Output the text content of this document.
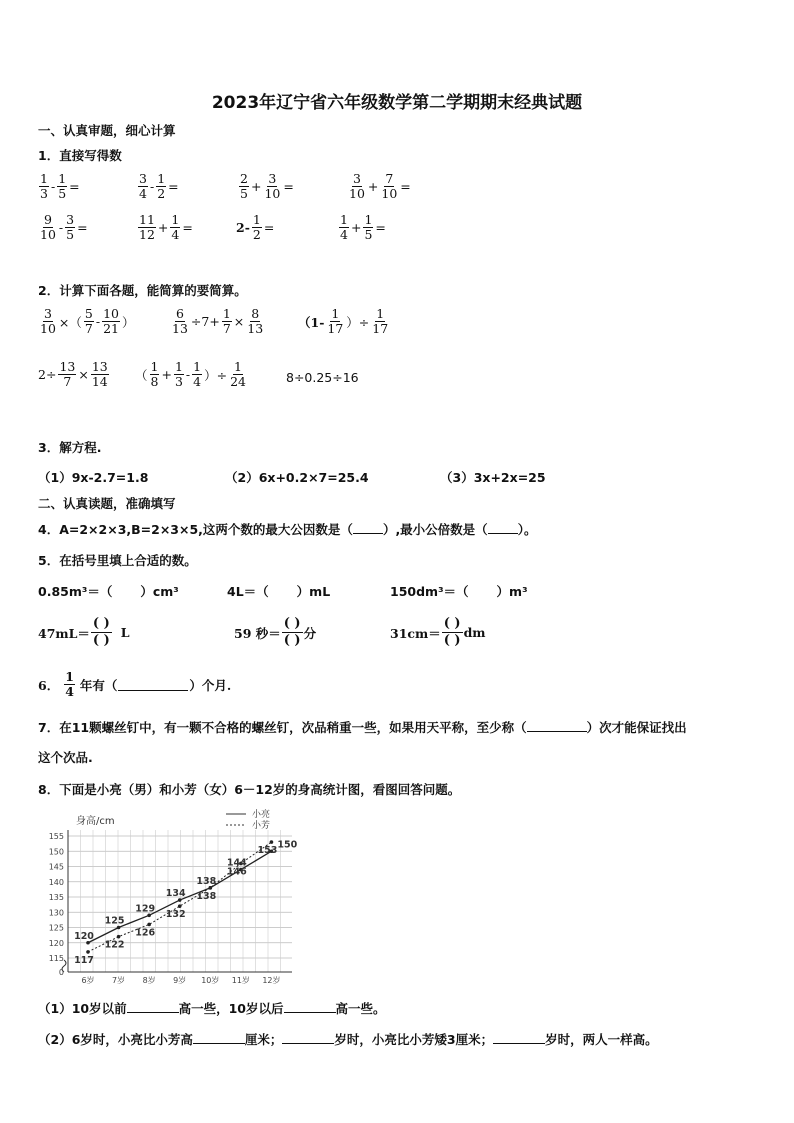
2023年辽宁省六年级数学第二学期期末经典试题
一、认真审题，细心计算
1．直接写得数
$\frac{1}{3} - \frac{1}{5}$ =	$\frac{3}{4} - \frac{1}{2}$ =	$\frac{2}{5} + \frac{3}{10}$ =	$\frac{3}{10} + \frac{7}{10}$ =
$\frac{9}{10} - \frac{3}{5}$ =	$\frac{11}{12} + \frac{1}{4}$ =	$2- \frac{1}{2}$ =	$\frac{1}{4} + \frac{1}{5}$ =
2．计算下面各题，能简算的要简算。
$\frac{3}{10}$ ×（ $\frac{5}{7} - \frac{10}{21}$ ）	$\frac{6}{13} \div 7+ \frac{1}{7} \times \frac{8}{13}$	（$1- \frac{1}{17}$ ）÷ $\frac{1}{17}$
$2\div \frac{13}{7} \times \frac{13}{14}$ （ $\frac{1}{8} + \frac{1}{3} - \frac{1}{4}$ ）÷ $\frac{1}{24}$	8÷0.25÷16
3．解方程.
（1）9x-2.7=1.8	（2）6x+0.2×7=25.4	（3）3x+2x=25
二、认真读题，准确填写
4．A=2×2×3,B=2×3×5,这两个数的最大公因数是（ ）,最小公倍数是（ ）。
5．在括号里填上合适的数。
0.85m³＝（ ）cm³	4L＝（ ）mL	150dm³＝（ ）m³
47mL＝
( )
( )
L	59 秒＝
( )
( ) 分	31cm＝
( )
( )
dm
6． $\frac{1}{4}$ 年有（	）个月.
7．在11颗螺丝钉中，有一颗不合格的螺丝钉，次品稍重一些，如果用天平称，至少称（	）次才能保证找出
这个次品.
8．下面是小亮（男）和小芳（女）6－12岁的身高统计图，看图回答问题。
0
115
120
125
130
135
140
145
150
155
6岁 7岁 8岁 9岁 10岁 11岁 12岁
120
125
129
134
138
144
150
117
122
126
132
138
146
153
身高/cm
小亮
小芳
（1）10岁以前	高一些，10岁以后	高一些。
（2）6岁时，小亮比小芳高	厘米；	岁时，小亮比小芳矮3厘米；	岁时，两人一样高。
